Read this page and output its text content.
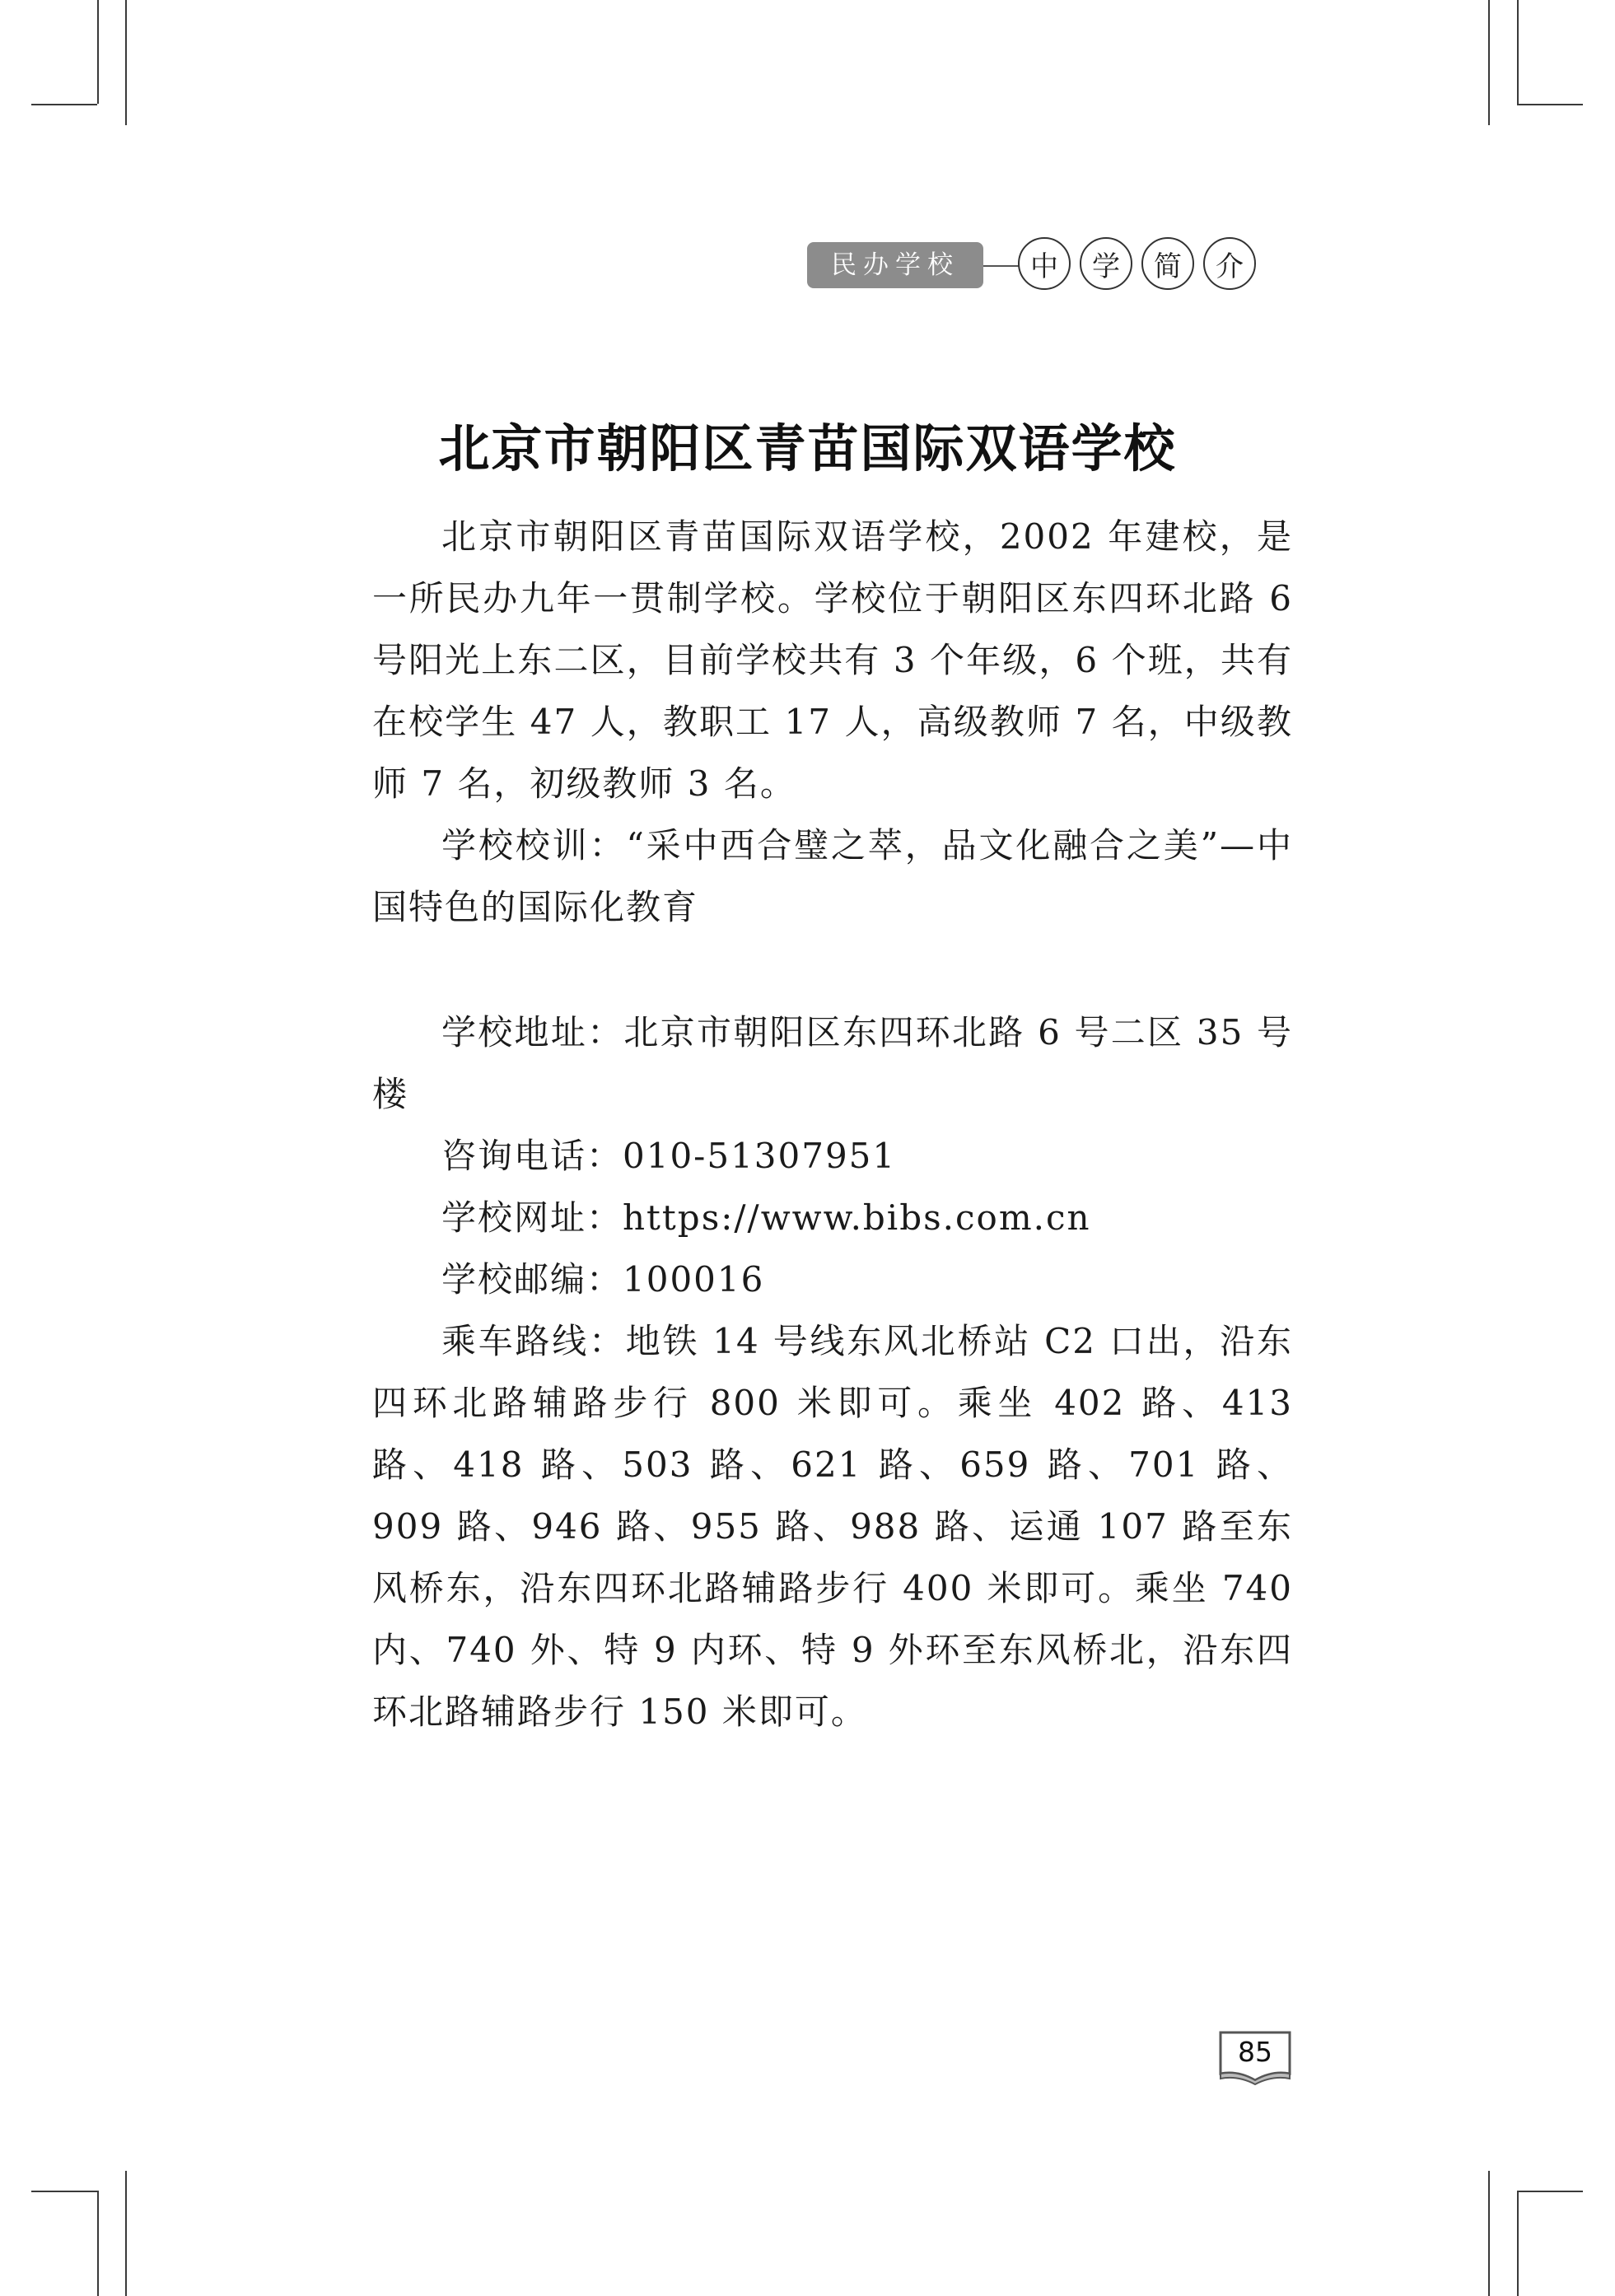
民办学校	中	学	简	介
北京市朝阳区青苗国际双语学校

北京市朝阳区青苗国际双语学校，2002 年建校，是一所民办九年一贯制学校。学校位于朝阳区东四环北路 6 号阳光上东二区，目前学校共有 3 个年级，6 个班，共有在校学生 47 人，教职工 17 人，高级教师 7 名，中级教师 7 名，初级教师 3 名。

学校校训：“采中西合璧之萃，品文化融合之美”—中国特色的国际化教育

学校地址：北京市朝阳区东四环北路 6 号二区 35 号楼

咨询电话：010-51307951

学校网址：https://www.bibs.com.cn

学校邮编：100016

乘车路线：地铁 14 号线东风北桥站 C2 口出，沿东四环北路辅路步行 800 米即可。乘坐 402 路、413 路、418 路、503 路、621 路、659 路、701 路、909 路、946 路、955 路、988 路、运通 107 路至东风桥东，沿东四环北路辅路步行 400 米即可。乘坐 740 内、740 外、特 9 内环、特 9 外环至东风桥北，沿东四环北路辅路步行 150 米即可。

85
